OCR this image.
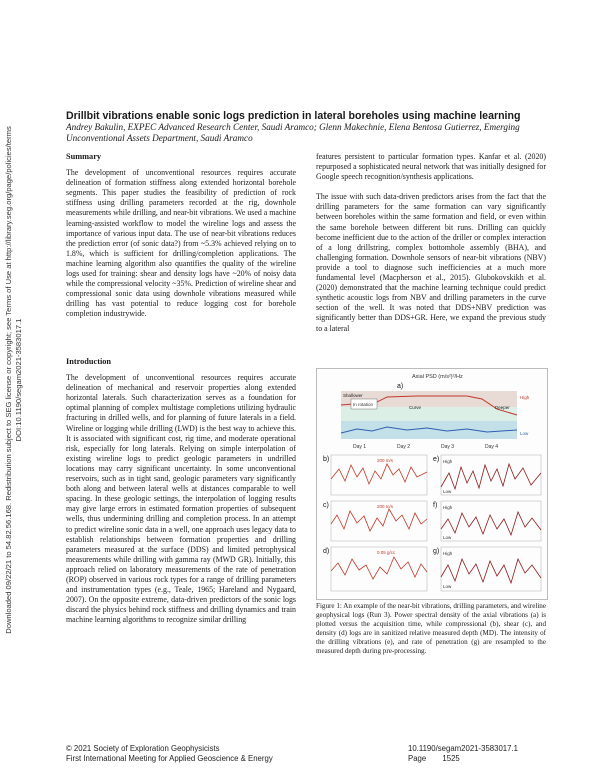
Downloaded 09/22/21 to 54.82.56.168. Redistribution subject to SEG license or copyright; see Terms of Use at http://library.seg.org/page/policies/terms DOI:10.1190/segam2021-3583017.1
Drillbit vibrations enable sonic logs prediction in lateral boreholes using machine learning
Andrey Bakulin, EXPEC Advanced Research Center, Saudi Aramco; Glenn Makechnie, Elena Bentosa Gutierrez, Emerging Unconventional Assets Department, Saudi Aramco
Summary

The development of unconventional resources requires accurate delineation of formation stiffness along extended horizontal borehole segments. This paper studies the feasibility of prediction of rock stiffness using drilling parameters recorded at the rig, downhole measurements while drilling, and near-bit vibrations. We used a machine learning-assisted workflow to model the wireline logs and assess the importance of various input data. The use of near-bit vibrations reduces the prediction error (of sonic data?) from ~5.3% achieved relying on to 1.8%, which is sufficient for drilling/completion applications. The machine learning algorithm also quantifies the quality of the wireline logs used for training: shear and density logs have ~20% of noisy data while the compressional velocity ~35%. Prediction of wireline shear and compressional sonic data using downhole vibrations measured while drilling has vast potential to reduce logging cost for borehole completion industrywide.

Introduction

The development of unconventional resources requires accurate delineation of mechanical and reservoir properties along extended horizontal laterals. Such characterization serves as a foundation for optimal planning of complex multistage completions utilizing hydraulic fracturing in drilled wells, and for planning of future laterals in a field. Wireline or logging while drilling (LWD) is the best way to achieve this. It is associated with significant cost, rig time, and moderate operational risk, especially for long laterals. Relying on simple interpolation of existing wireline logs to predict geologic parameters in undrilled locations may carry significant uncertainty. In some unconventional reservoirs, such as in tight sand, geologic parameters vary significantly both along and between lateral wells at distances comparable to well spacing. In these geologic settings, the interpolation of logging results may give large errors in estimated formation properties of subsequent wells, thus undermining drilling and completion process. In an attempt to predict wireline sonic data in a well, one approach uses legacy data to establish relationships between formation properties and drilling parameters measured at the surface (DDS) and limited petrophysical measurements while drilling with gamma ray (MWD GR). Initially, this approach relied on laboratory measurements of the rate of penetration (ROP) observed in various rock types for a range of drilling parameters and instrumentation types (e.g., Teale, 1965; Hareland and Nygaard, 2007). On the opposite extreme, data-driven predictors of the sonic logs discard the physics behind rock stiffness and drilling dynamics and train machine learning algorithms to recognize similar drilling

features persistent to particular formation types. Kanfar et al. (2020) repurposed a sophisticated neural network that was initially designed for Google speech recognition/synthesis applications.

The issue with such data-driven predictors arises from the fact that the drilling parameters for the same formation can vary significantly between boreholes within the same formation and field, or even within the same borehole between different bit runs. Drilling can quickly become inefficient due to the action of the driller or complex interaction of a long drillstring, complex bottomhole assembly (BHA), and challenging formation. Downhole sensors of near-bit vibrations (NBV) provide a tool to diagnose such inefficiencies at a much more fundamental level (Macpherson et al., 2015). Glubokovskikh et al. (2020) demonstrated that the machine learning technique could predict synthetic acoustic logs from NBV and drilling parameters in the curve section of the well. It was noted that DDS+NBV prediction was significantly better than DDS+GR. Here, we expand the previous study to a lateral

Axial PSD (m/s²)²/Hz
a)
In rotation
Curve	Deeper
Shallower
Day 1	Day 2	Day 3	Day 4
High
Low
b)	200 m/s
c)	200 m/s
d)	0.05 g/cc
e) High
Low
f) High
Low
g) High
Low
Figure 1: An example of the near-bit vibrations, drilling parameters, and wireline geophysical logs (Run 3). Power spectral density of the axial vibrations (a) is plotted versus the acquisition time, while compressional (b), shear (c), and density (d) logs are in sanitized relative measured depth (MD). The intensity of the drilling vibrations (e), and rate of penetration (g) are resampled to the measured depth during pre-processing.
© 2021 Society of Exploration Geophysicists
First International Meeting for Applied Geoscience & Energy
10.1190/segam2021-3583017.1
Page 1525
